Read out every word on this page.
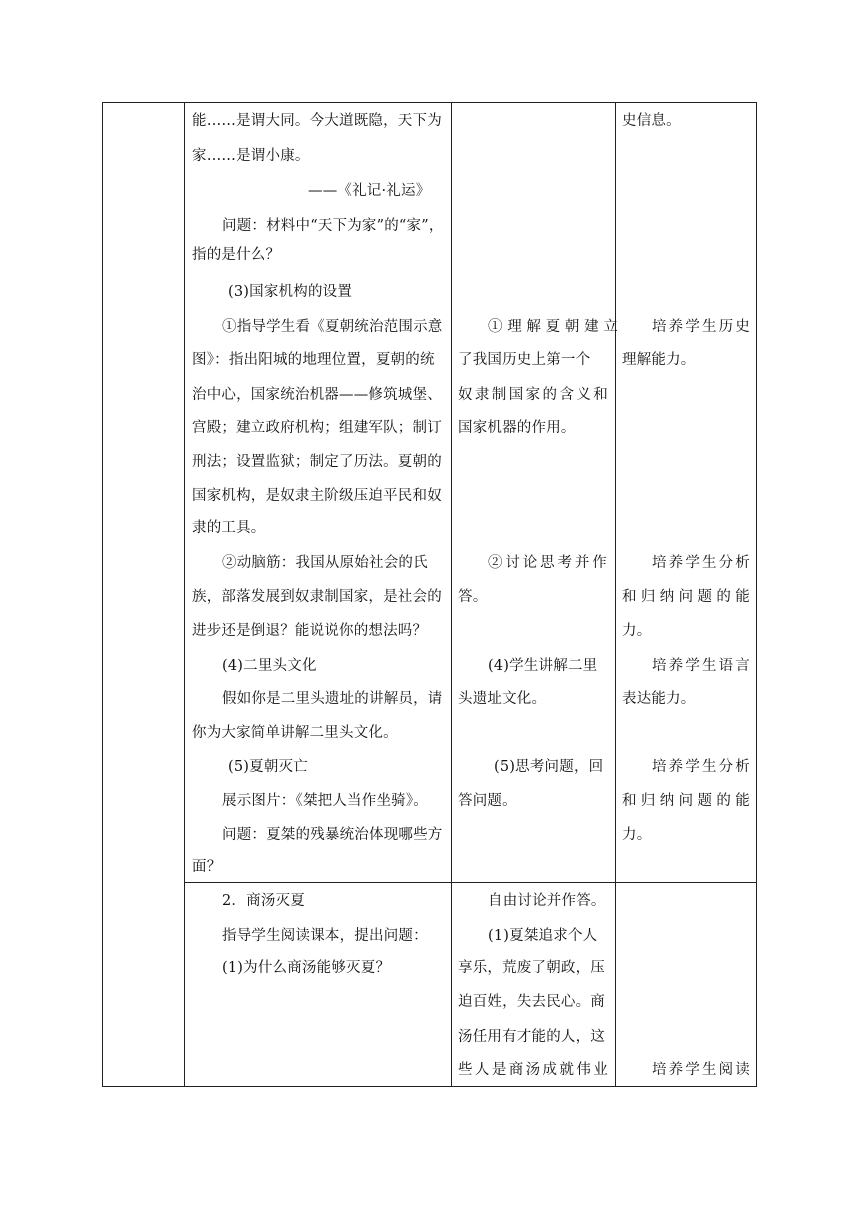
能……是谓大同。今大道既隐，天下为
家……是谓小康。
——《礼记·礼运》
问题：材料中“天下为家”的“家”，
指的是什么？
(3)国家机构的设置
①指导学生看《夏朝统治范围示意
图》：指出阳城的地理位置，夏朝的统
治中心，国家统治机器——修筑城堡、
宫殿；建立政府机构；组建军队；制订
刑法；设置监狱；制定了历法。夏朝的
国家机构，是奴隶主阶级压迫平民和奴
隶的工具。
②动脑筋：我国从原始社会的氏
族，部落发展到奴隶制国家，是社会的
进步还是倒退？能说说你的想法吗？
(4)二里头文化
假如你是二里头遗址的讲解员，请
你为大家简单讲解二里头文化。
(5)夏朝灭亡
展示图片：《桀把人当作坐骑》。
问题：夏桀的残暴统治体现哪些方
面？
2．商汤灭夏
指导学生阅读课本，提出问题：
(1)为什么商汤能够灭夏？
①理解夏朝建立
了我国历史上第一个
奴隶制国家的含义和
国家机器的作用。
②讨论思考并作
答。
(4)学生讲解二里
头遗址文化。
(5)思考问题，回
答问题。
自由讨论并作答。
(1)夏桀追求个人
享乐，荒废了朝政，压
迫百姓，失去民心。商
汤任用有才能的人，这
些人是商汤成就伟业
史信息。
培养学生历史
理解能力。
培养学生分析
和归纳问题的能
力。
培养学生语言
表达能力。
培养学生分析
和归纳问题的能
力。
培养学生阅读
